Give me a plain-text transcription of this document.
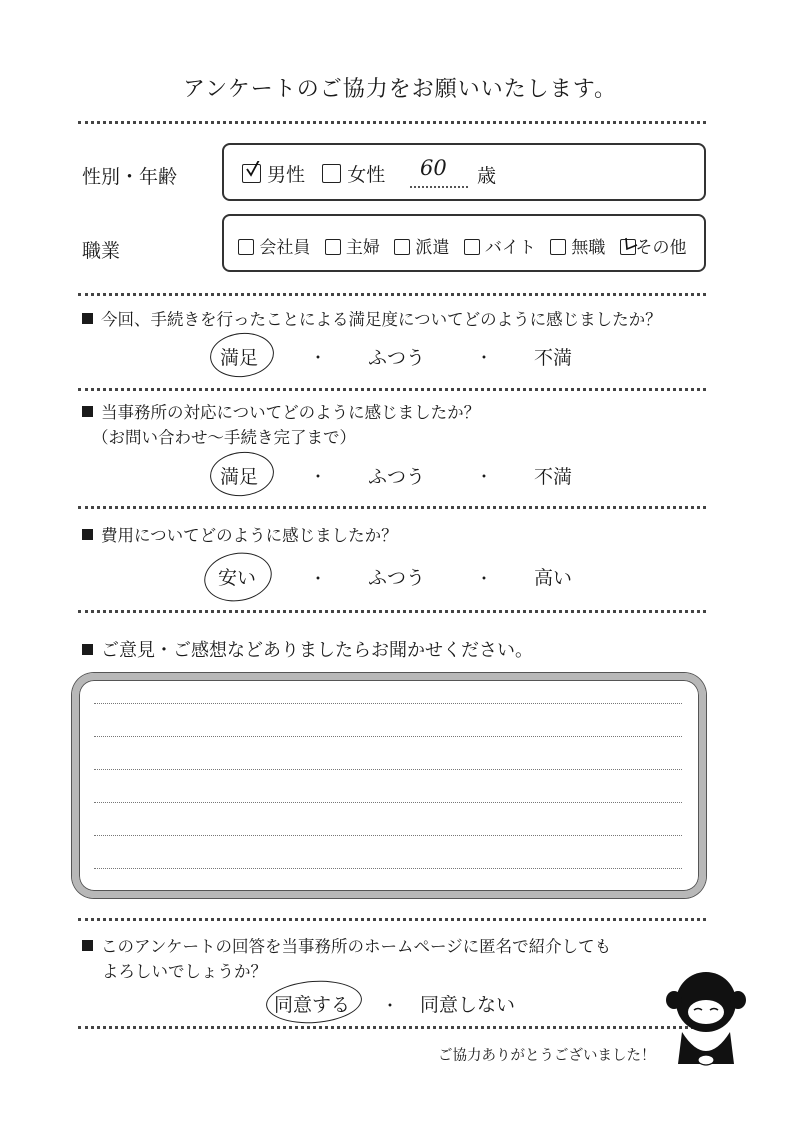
アンケートのご協力をお願いいたします。
性別・年齢	男性 女性	60 歳
職業	会社員 主婦 派遣 バイト 無職 その他
今回、手続きを行ったことによる満足度についてどのように感じましたか？
満足	・ ふつう	・ 不満
当事務所の対応についてどのように感じましたか？
（お問い合わせ～手続き完了まで）
満足	・ ふつう	・ 不満
費用についてどのように感じましたか？
安い	・ ふつう	・ 高い
ご意見・ご感想などありましたらお聞かせください。
このアンケートの回答を当事務所のホームページに匿名で紹介しても
よろしいでしょうか？
同意する ・ 同意しない
ご協力ありがとうございました！
